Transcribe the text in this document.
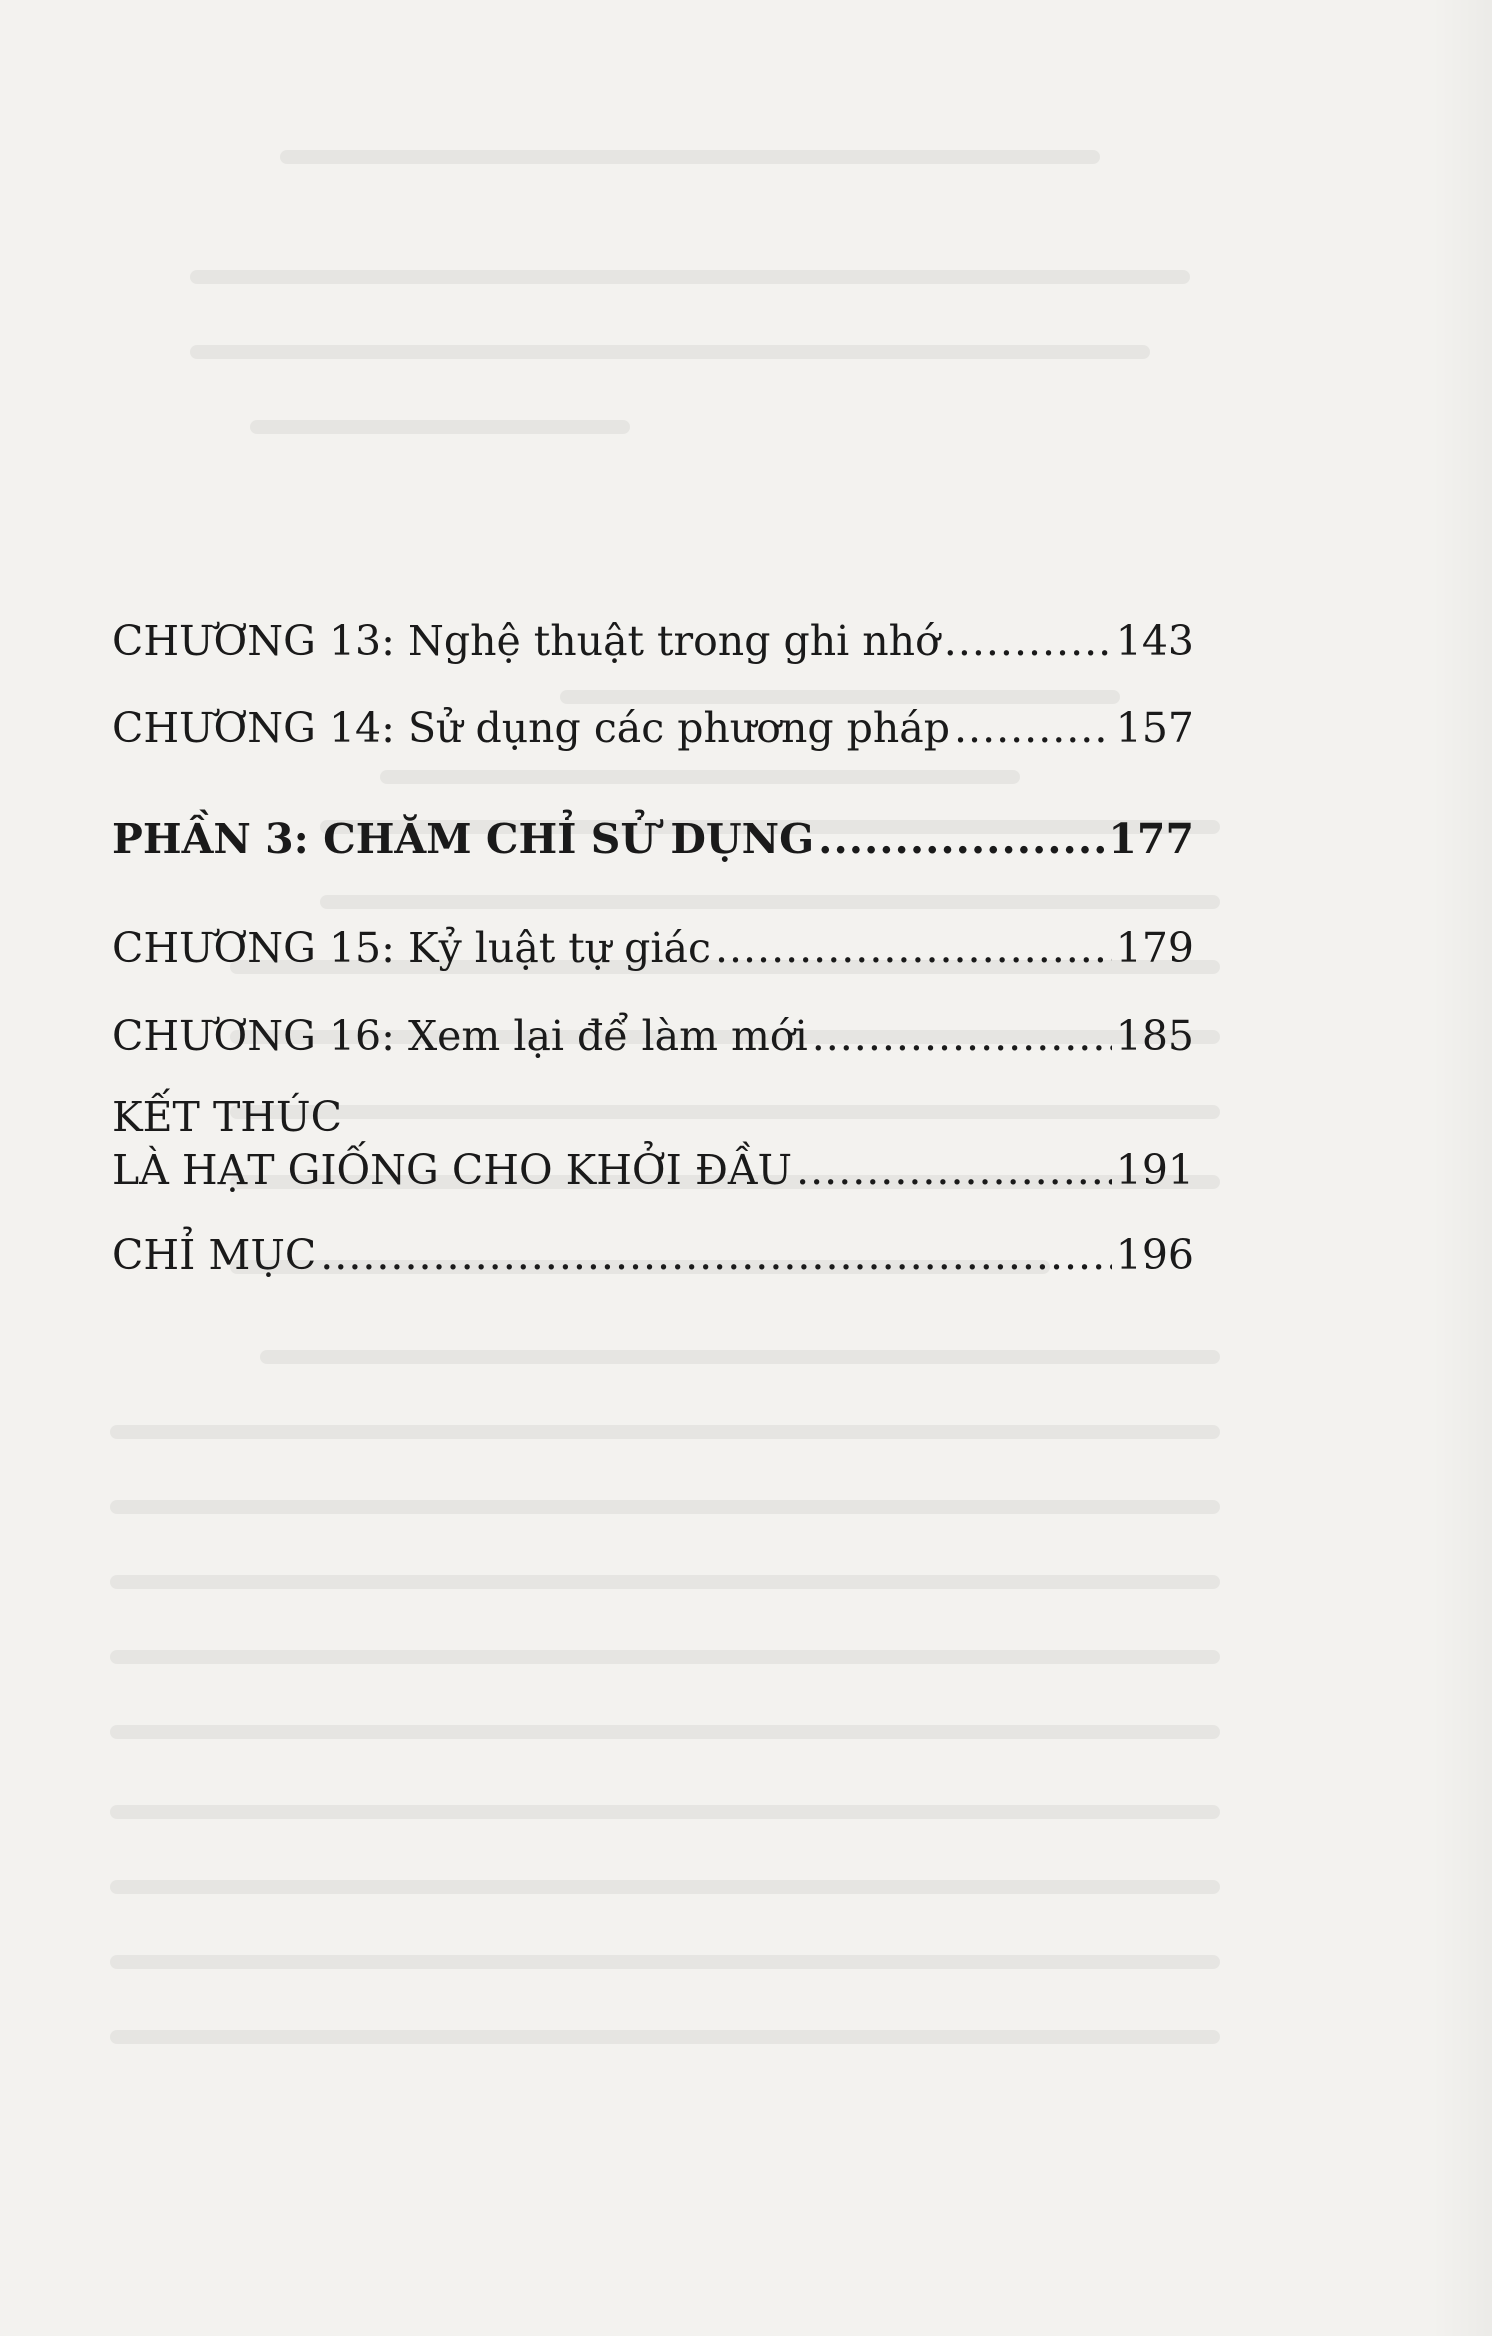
CHƯƠNG 13: Nghệ thuật trong ghi nhớ .....	143
CHƯƠNG 14: Sử dụng các phương pháp .....	157
PHẦN 3: CHĂM CHỈ SỬ DỤNG .....	177
CHƯƠNG 15: Kỷ luật tự giác .....	179
CHƯƠNG 16: Xem lại để làm mới .....	185
KẾT THÚC
LÀ HẠT GIỐNG CHO KHỞI ĐẦU .....	191
CHỈ MỤC .....	196
